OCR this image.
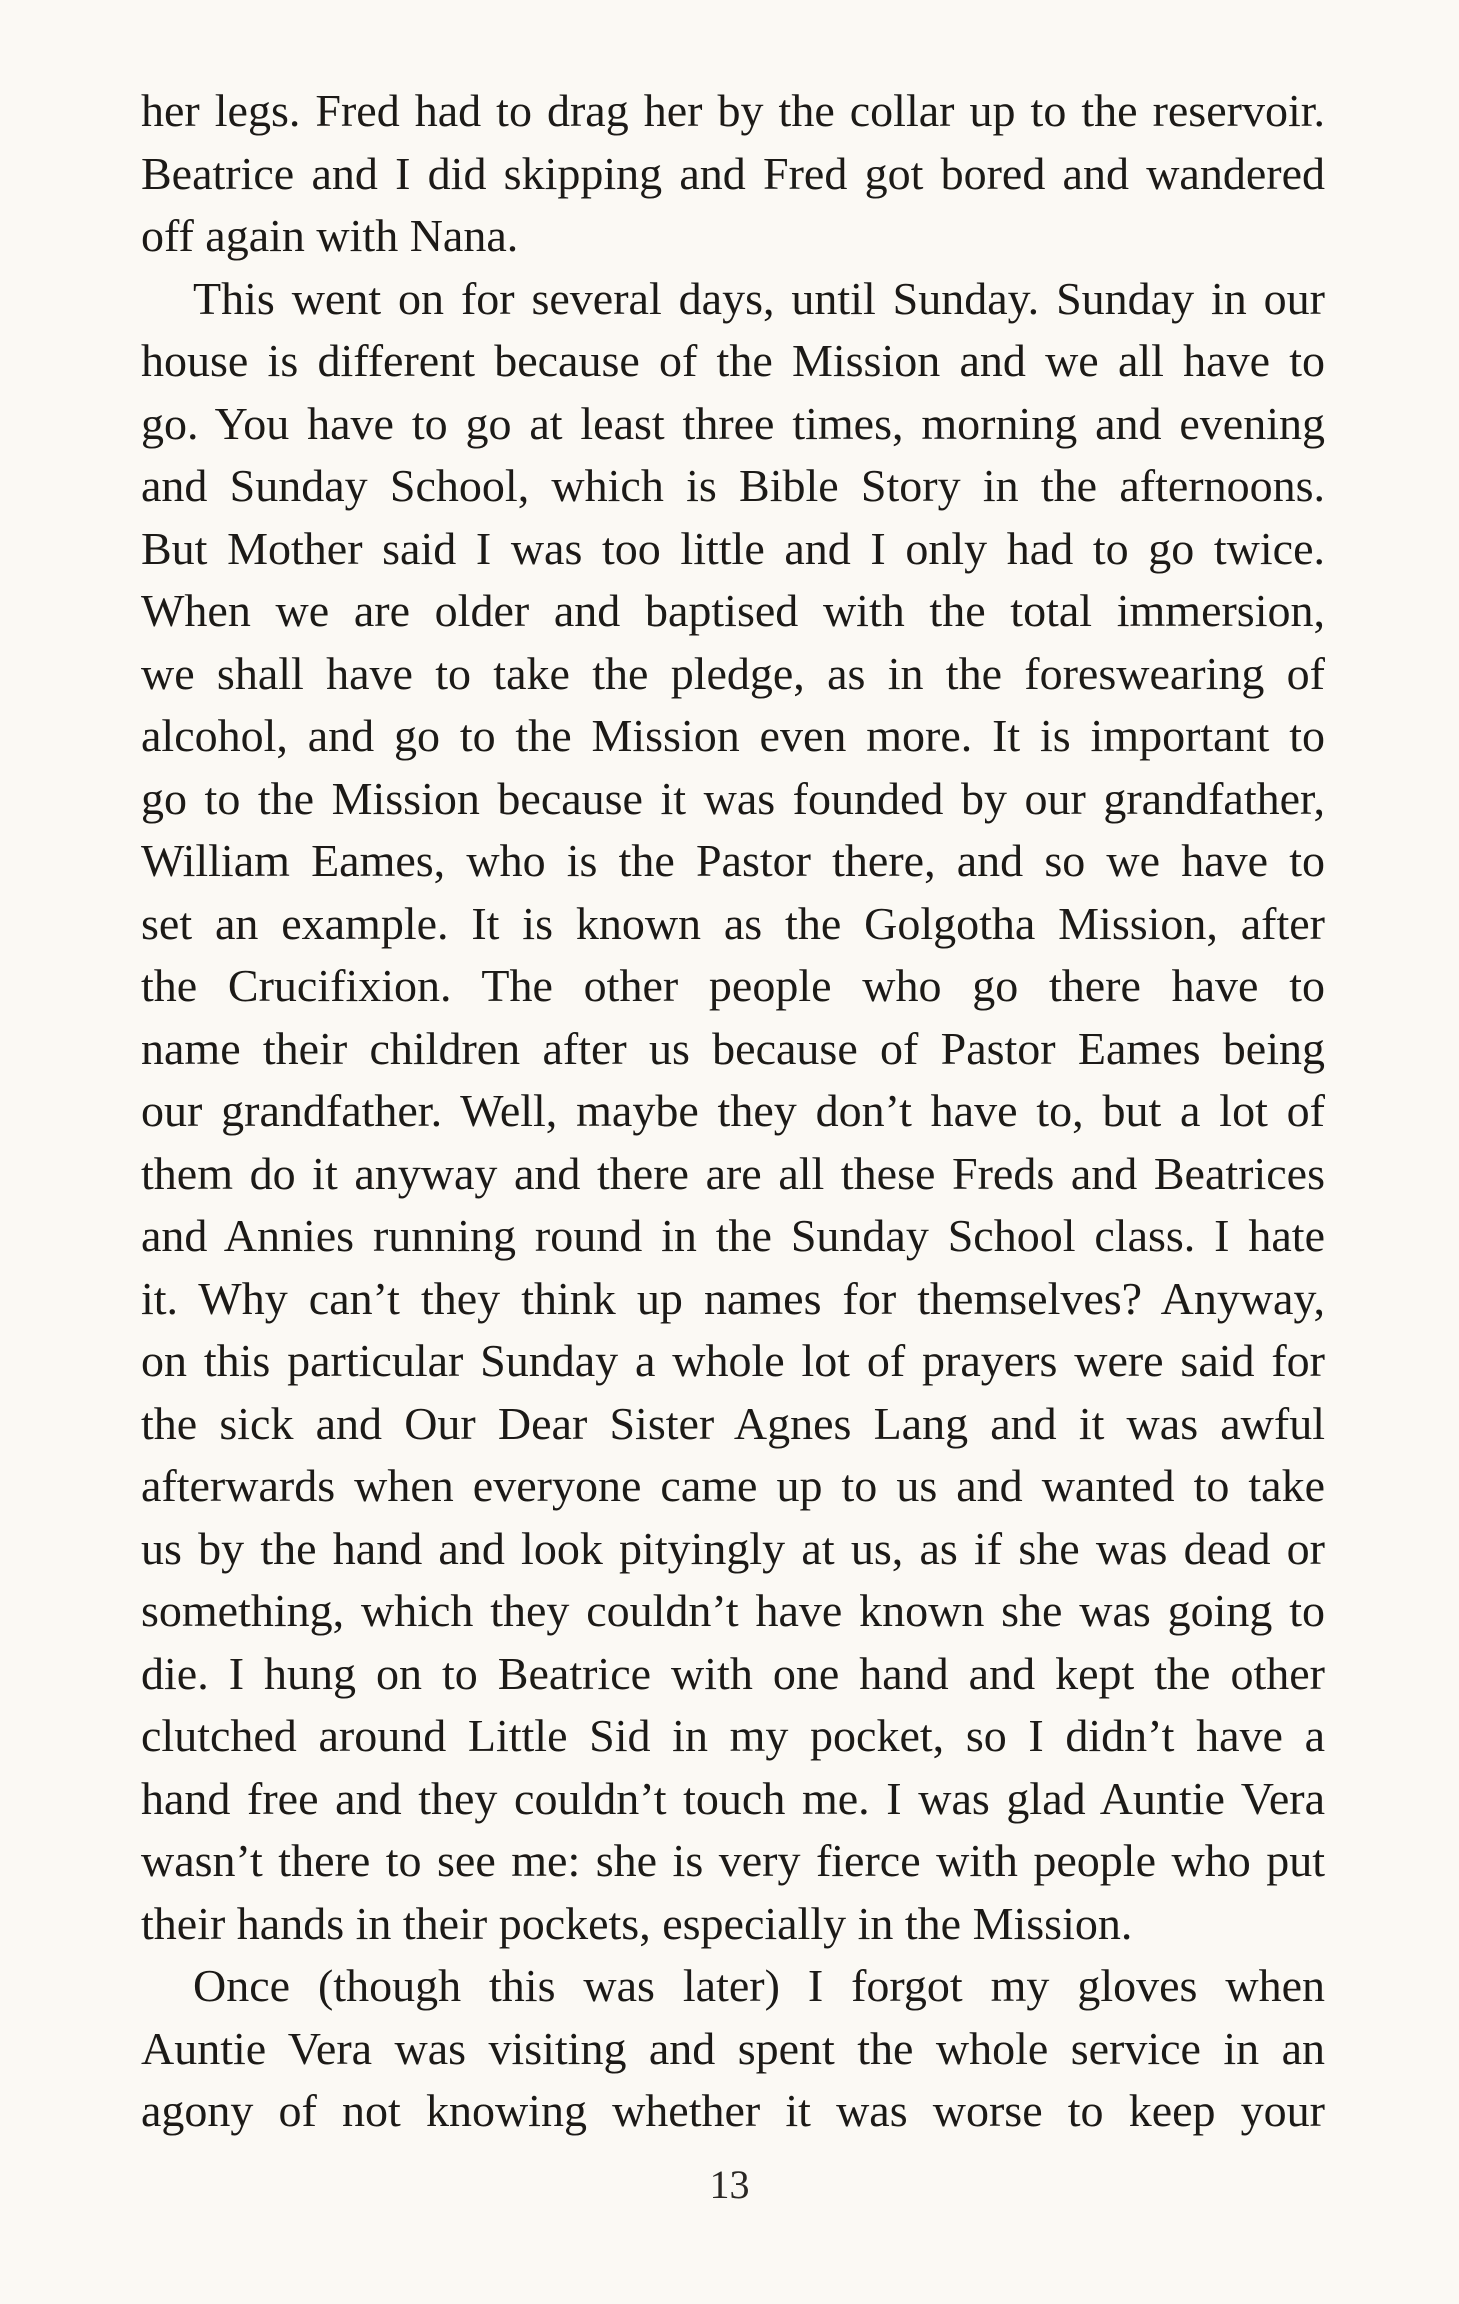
her legs. Fred had to drag her by the collar up to the reservoir.
Beatrice and I did skipping and Fred got bored and wandered
off again with Nana.
This went on for several days, until Sunday. Sunday in our
house is different because of the Mission and we all have to
go. You have to go at least three times, morning and evening
and Sunday School, which is Bible Story in the afternoons.
But Mother said I was too little and I only had to go twice.
When we are older and baptised with the total immersion,
we shall have to take the pledge, as in the foreswearing of
alcohol, and go to the Mission even more. It is important to
go to the Mission because it was founded by our grandfather,
William Eames, who is the Pastor there, and so we have to
set an example. It is known as the Golgotha Mission, after
the Crucifixion. The other people who go there have to
name their children after us because of Pastor Eames being
our grandfather. Well, maybe they don’t have to, but a lot of
them do it anyway and there are all these Freds and Beatrices
and Annies running round in the Sunday School class. I hate
it. Why can’t they think up names for themselves? Anyway,
on this particular Sunday a whole lot of prayers were said for
the sick and Our Dear Sister Agnes Lang and it was awful
afterwards when everyone came up to us and wanted to take
us by the hand and look pityingly at us, as if she was dead or
something, which they couldn’t have known she was going to
die. I hung on to Beatrice with one hand and kept the other
clutched around Little Sid in my pocket, so I didn’t have a
hand free and they couldn’t touch me. I was glad Auntie Vera
wasn’t there to see me: she is very fierce with people who put
their hands in their pockets, especially in the Mission.
Once (though this was later) I forgot my gloves when
Auntie Vera was visiting and spent the whole service in an
agony of not knowing whether it was worse to keep your
13
